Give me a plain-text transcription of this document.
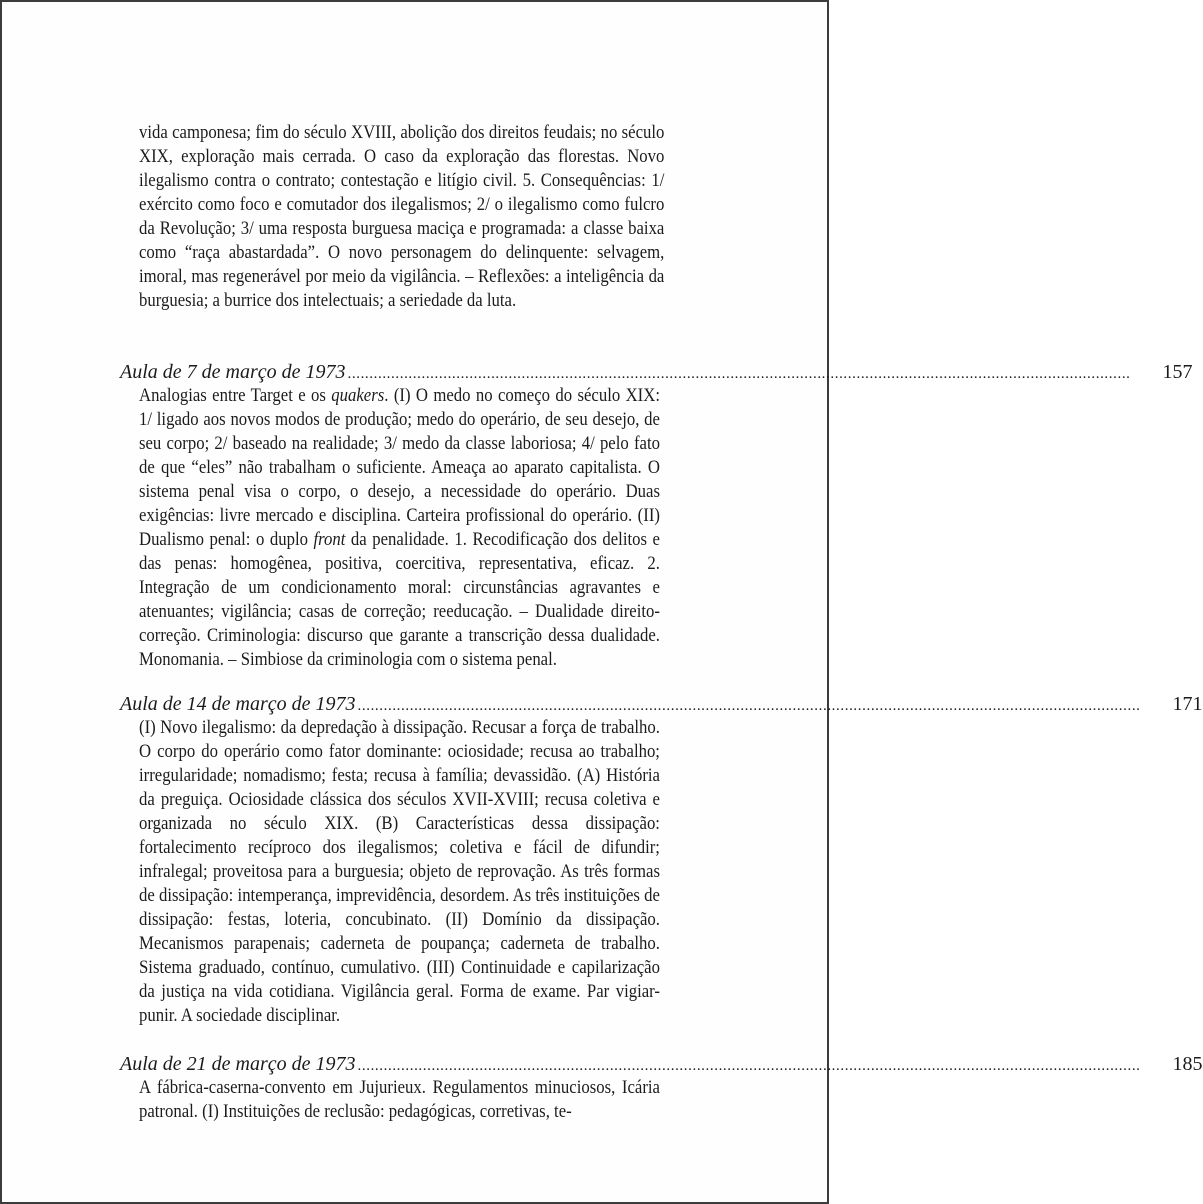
vida camponesa; fim do século XVIII, abolição dos direitos feudais; no século XIX, exploração mais cerrada. O caso da exploração das florestas. Novo ilegalismo contra o contrato; contestação e litígio civil. 5. Consequências: 1/ exército como foco e comutador dos ilegalismos; 2/ o ilegalismo como fulcro da Revolução; 3/ uma resposta burguesa maciça e programada: a classe baixa como “raça abastardada”. O novo personagem do delinquente: selvagem, imoral, mas regenerável por meio da vigilância. – Reflexões: a inteligência da burguesia; a burrice dos intelectuais; a seriedade da luta.

Aula de 7 de março de 1973 ....................................................................................................................................................................................	157

Analogias entre Target e os quakers. (I) O medo no começo do século XIX: 1/ ligado aos novos modos de produção; medo do operário, de seu desejo, de seu corpo; 2/ baseado na realidade; 3/ medo da classe laboriosa; 4/ pelo fato de que “eles” não trabalham o suficiente. Ameaça ao aparato capitalista. O sistema penal visa o corpo, o desejo, a necessidade do operário. Duas exigências: livre mercado e disciplina. Carteira profissional do operário. (II) Dualismo penal: o duplo front da penalidade. 1. Recodificação dos delitos e das penas: homogênea, positiva, coercitiva, representativa, eficaz. 2. Integração de um condicionamento moral: circunstâncias agravantes e atenuantes; vigilância; casas de correção; reeducação. – Dualidade direito-correção. Criminologia: discurso que garante a transcrição dessa dualidade. Monomania. – Simbiose da criminologia com o sistema penal.

Aula de 14 de março de 1973 ....................................................................................................................................................................................	171

(I) Novo ilegalismo: da depredação à dissipação. Recusar a força de trabalho. O corpo do operário como fator dominante: ociosidade; recusa ao trabalho; irregularidade; nomadismo; festa; recusa à família; devassidão. (A) História da preguiça. Ociosidade clássica dos séculos XVII-XVIII; recusa coletiva e organizada no século XIX. (B) Características dessa dissipação: fortalecimento recíproco dos ilegalismos; coletiva e fácil de difundir; infralegal; proveitosa para a burguesia; objeto de reprovação. As três formas de dissipação: intemperança, imprevidência, desordem. As três instituições de dissipação: festas, loteria, concubinato. (II) Domínio da dissipação. Mecanismos parapenais; caderneta de poupança; caderneta de trabalho. Sistema graduado, contínuo, cumulativo. (III) Continuidade e capilarização da justiça na vida cotidiana. Vigilância geral. Forma de exame. Par vigiar-punir. A sociedade disciplinar.

Aula de 21 de março de 1973 ....................................................................................................................................................................................	185

A fábrica-caserna-convento em Jujurieux. Regulamentos minuciosos, Icária patronal. (I) Instituições de reclusão: pedagógicas, corretivas, te-
